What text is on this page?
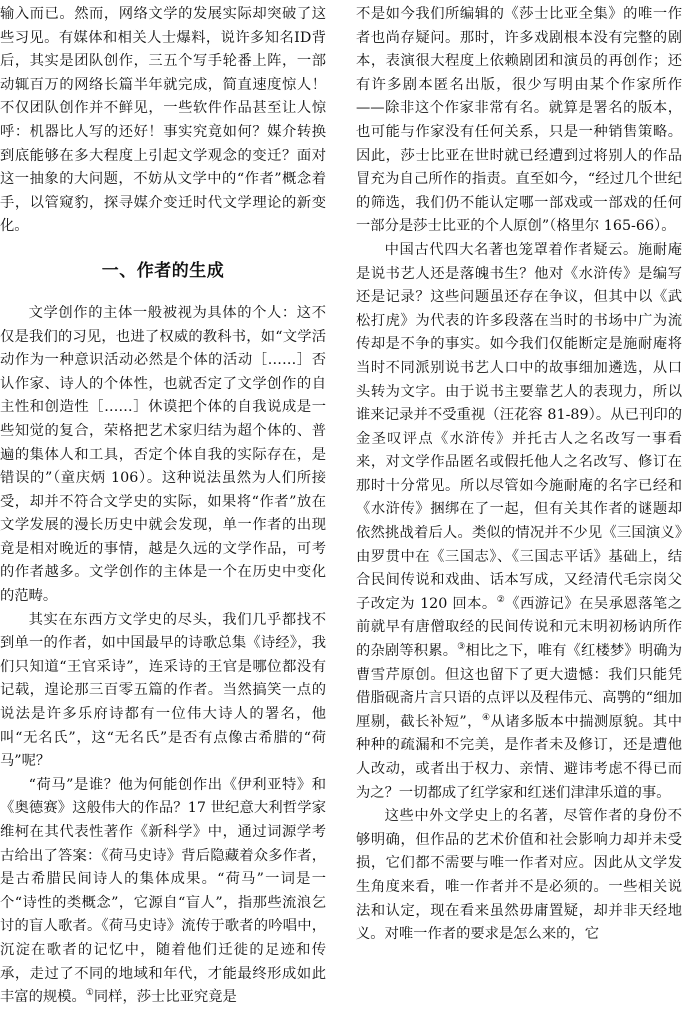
输入而已。然而，网络文学的发展实际却突破了这些习见。有媒体和相关人士爆料，说许多知名ID背后，其实是团队创作，三五个写手轮番上阵，一部动辄百万的网络长篇半年就完成，简直速度惊人！不仅团队创作并不鲜见，一些软件作品甚至让人惊呼：机器比人写的还好！事实究竟如何？媒介转换到底能够在多大程度上引起文学观念的变迁？面对这一抽象的大问题，不妨从文学中的“作者”概念着手，以管窥豹，探寻媒介变迁时代文学理论的新变化。

一、作者的生成

文学创作的主体一般被视为具体的个人：这不仅是我们的习见，也进了权威的教科书，如“文学活动作为一种意识活动必然是个体的活动［……］否认作家、诗人的个体性，也就否定了文学创作的自主性和创造性［……］休谟把个体的自我说成是一些知觉的复合，荣格把艺术家归结为超个体的、普遍的集体人和工具，否定个体自我的实际存在，是错误的”（童庆炳 106）。这种说法虽然为人们所接受，却并不符合文学史的实际，如果将“作者”放在文学发展的漫长历史中就会发现，单一作者的出现竟是相对晚近的事情，越是久远的文学作品，可考的作者越多。文学创作的主体是一个在历史中变化的范畴。

其实在东西方文学史的尽头，我们几乎都找不到单一的作者，如中国最早的诗歌总集《诗经》，我们只知道“王官采诗”，连采诗的王官是哪位都没有记载，遑论那三百零五篇的作者。当然搞笑一点的说法是许多乐府诗都有一位伟大诗人的署名，他叫“无名氏”，这“无名氏”是否有点像古希腊的“荷马”呢？

“荷马”是谁？他为何能创作出《伊利亚特》和《奥德赛》这般伟大的作品？17 世纪意大利哲学家维柯在其代表性著作《新科学》中，通过词源学考古给出了答案：《荷马史诗》背后隐藏着众多作者，是古希腊民间诗人的集体成果。“荷马”一词是一个“诗性的类概念”，它源自“盲人”，指那些流浪乞讨的盲人歌者。《荷马史诗》流传于歌者的吟唱中，沉淀在歌者的记忆中，随着他们迁徙的足迹和传承，走过了不同的地域和年代，才能最终形成如此丰富的规模。①同样，莎士比亚究竟是

不是如今我们所编辑的《莎士比亚全集》的唯一作者也尚存疑问。那时，许多戏剧根本没有完整的剧本，表演很大程度上依赖剧团和演员的再创作；还有许多剧本匿名出版，很少写明由某个作家所作——除非这个作家非常有名。就算是署名的版本，也可能与作家没有任何关系，只是一种销售策略。因此，莎士比亚在世时就已经遭到过将别人的作品冒充为自己所作的指责。直至如今，“经过几个世纪的筛选，我们仍不能认定哪一部戏或一部戏的任何一部分是莎士比亚的个人原创”（格里尔 165-66）。

中国古代四大名著也笼罩着作者疑云。施耐庵是说书艺人还是落魄书生？他对《水浒传》是编写还是记录？这些问题虽还存在争议，但其中以《武松打虎》为代表的许多段落在当时的书场中广为流传却是不争的事实。如今我们仅能断定是施耐庵将当时不同派别说书艺人口中的故事细加遴选，从口头转为文字。由于说书主要靠艺人的表现力，所以谁来记录并不受重视（汪花容 81-89）。从已刊印的金圣叹评点《水浒传》并托古人之名改写一事看来，对文学作品匿名或假托他人之名改写、修订在那时十分常见。所以尽管如今施耐庵的名字已经和《水浒传》捆绑在了一起，但有关其作者的谜题却依然挑战着后人。类似的情况并不少见《三国演义》由罗贯中在《三国志》、《三国志平话》基础上，结合民间传说和戏曲、话本写成，又经清代毛宗岗父子改定为 120 回本。②《西游记》在吴承恩落笔之前就早有唐僧取经的民间传说和元末明初杨讷所作的杂剧等积累。③相比之下，唯有《红楼梦》明确为曹雪芹原创。但这也留下了更大遗憾：我们只能凭借脂砚斋片言只语的点评以及程伟元、高鹗的“细加厘剔，截长补短”，④从诸多版本中揣测原貌。其中种种的疏漏和不完美，是作者未及修订，还是遭他人改动，或者出于权力、亲情、避讳考虑不得已而为之？一切都成了红学家和红迷们津津乐道的事。

这些中外文学史上的名著，尽管作者的身份不够明确，但作品的艺术价值和社会影响力却并未受损，它们都不需要与唯一作者对应。因此从文学发生角度来看，唯一作者并不是必须的。一些相关说法和认定，现在看来虽然毋庸置疑，却并非天经地义。对唯一作者的要求是怎么来的，它
